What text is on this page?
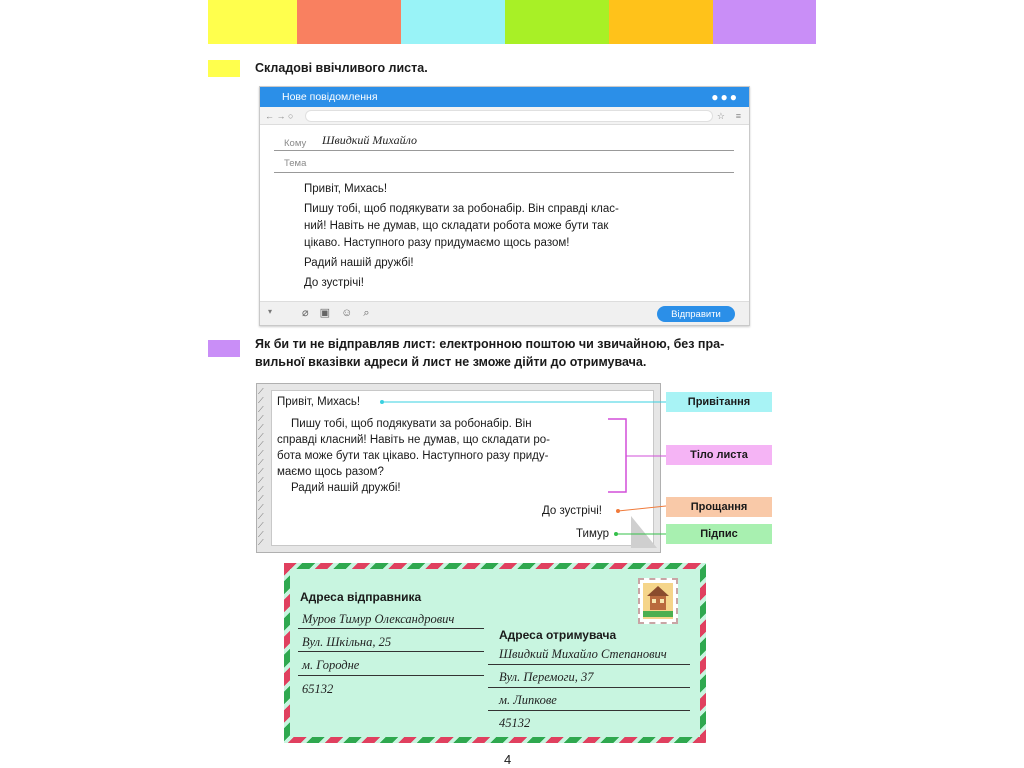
Складові ввічливого листа.
Нове повідомлення	●●●
← → ○	☆ ≡
Кому Швидкий Михайло
Тема

Привіт, Михась!

Пишу тобі, щоб подякувати за робонабір. Він справді клас-
ний! Навіть не думав, що складати робота може бути так

цікаво. Наступного разу придумаємо щось разом!

Радий нашій дружбі!

До зустрічі!

▾	⌀ ▣ ☺ ⌕	Відправити
Як би ти не відправляв лист: електронною поштою чи звичайною, без пра-
вильної вказівки адреси й лист не зможе дійти до отримувача.
⟋
⟋
⟋
⟋
⟋
⟋
⟋
⟋
⟋
⟋
⟋
⟋
⟋
⟋
⟋
⟋
⟋
⟋
Привіт, Михась!
Пишу тобі, щоб подякувати за робонабір. Він
справді класний! Навіть не думав, що складати ро-
бота може бути так цікаво. Наступного разу приду-
маємо щось разом?
Радий нашій дружбі!
До зустрічі!
Тимур
Привітання
Тіло листа
Прощання
Підпис
Адреса відправника
Муров Тимур Олександрович
Вул. Шкільна, 25
м. Городне
65132
Адреса отримувача
Швидкий Михайло Степанович
Вул. Перемоги, 37
м. Липкове
45132
4
